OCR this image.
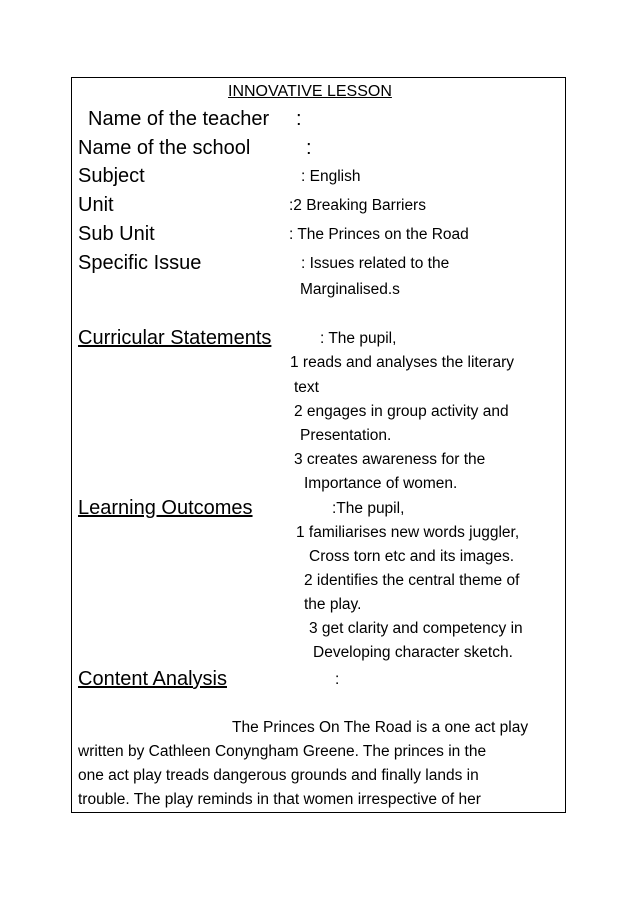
INNOVATIVE LESSON
Name of the teacher :
Name of the school	:
Subject	: English
Unit	:2 Breaking Barriers
Sub Unit	: The Princes on the Road
Specific Issue	: Issues related to the
Marginalised.s
Curricular Statements	: The pupil,
1 reads and analyses the literary
text
2 engages in group activity and
Presentation.
3 creates awareness for the
Importance of women.
Learning Outcomes	:The pupil,
1 familiarises new words juggler,
Cross torn etc and its images.
2 identifies the central theme of
the play.
3 get clarity and competency in
Developing character sketch.
Content Analysis	:
The Princes On The Road is a one act play
written by Cathleen Conyngham Greene. The princes in the
one act play treads dangerous grounds and finally lands in
trouble. The play reminds in that women irrespective of her
